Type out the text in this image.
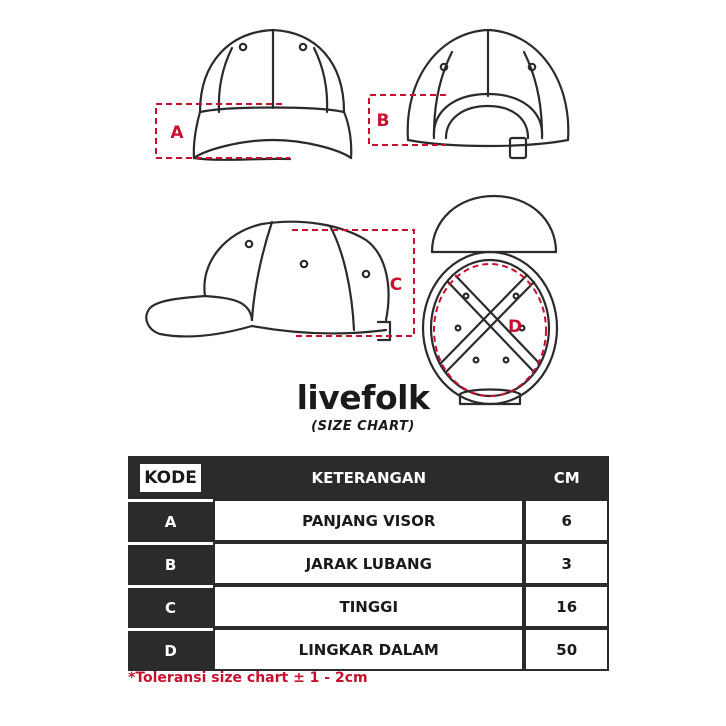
A
B
C
D
livefolk
(SIZE CHART)
KODE	KETERANGAN	CM
A	PANJANG VISOR	6
B	JARAK LUBANG	3
C	TINGGI	16
D	LINGKAR DALAM	50
*Toleransi size chart ± 1 - 2cm
